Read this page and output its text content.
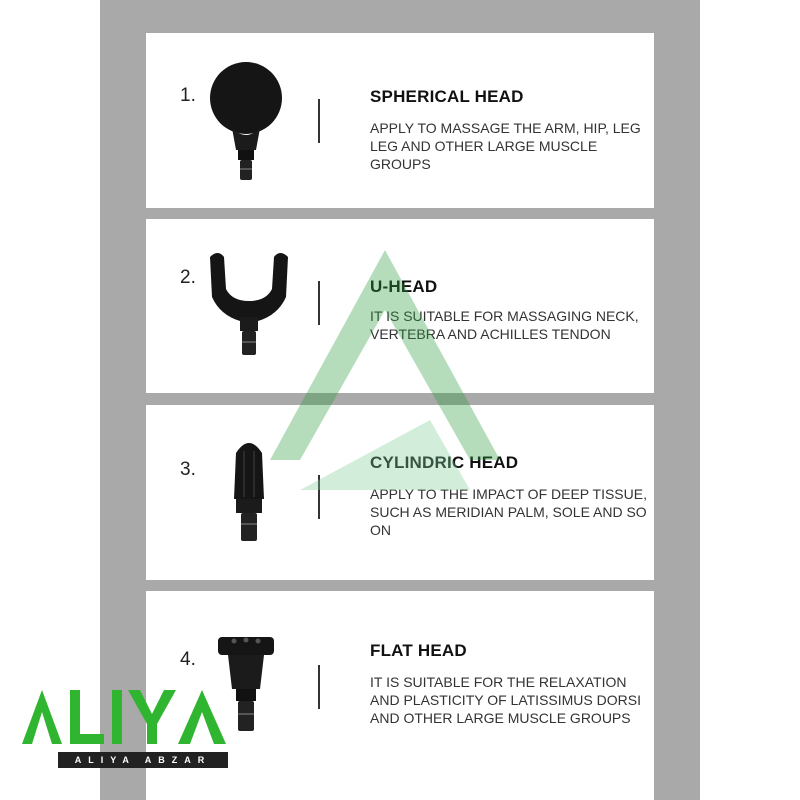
1.	SPHERICAL HEAD
APPLY TO MASSAGE THE ARM, HIP, LEG LEG AND OTHER LARGE MUSCLE GROUPS
2.	U-HEAD
IT IS SUITABLE FOR MASSAGING NECK, VERTEBRA AND ACHILLES TENDON
3.	CYLINDRIC HEAD
APPLY TO THE IMPACT OF DEEP TISSUE, SUCH AS MERIDIAN PALM, SOLE AND SO ON
4.	FLAT HEAD
IT IS SUITABLE FOR THE RELAXATION AND PLASTICITY OF LATISSIMUS DORSI AND OTHER LARGE MUSCLE GROUPS
ALIYA ABZAR
